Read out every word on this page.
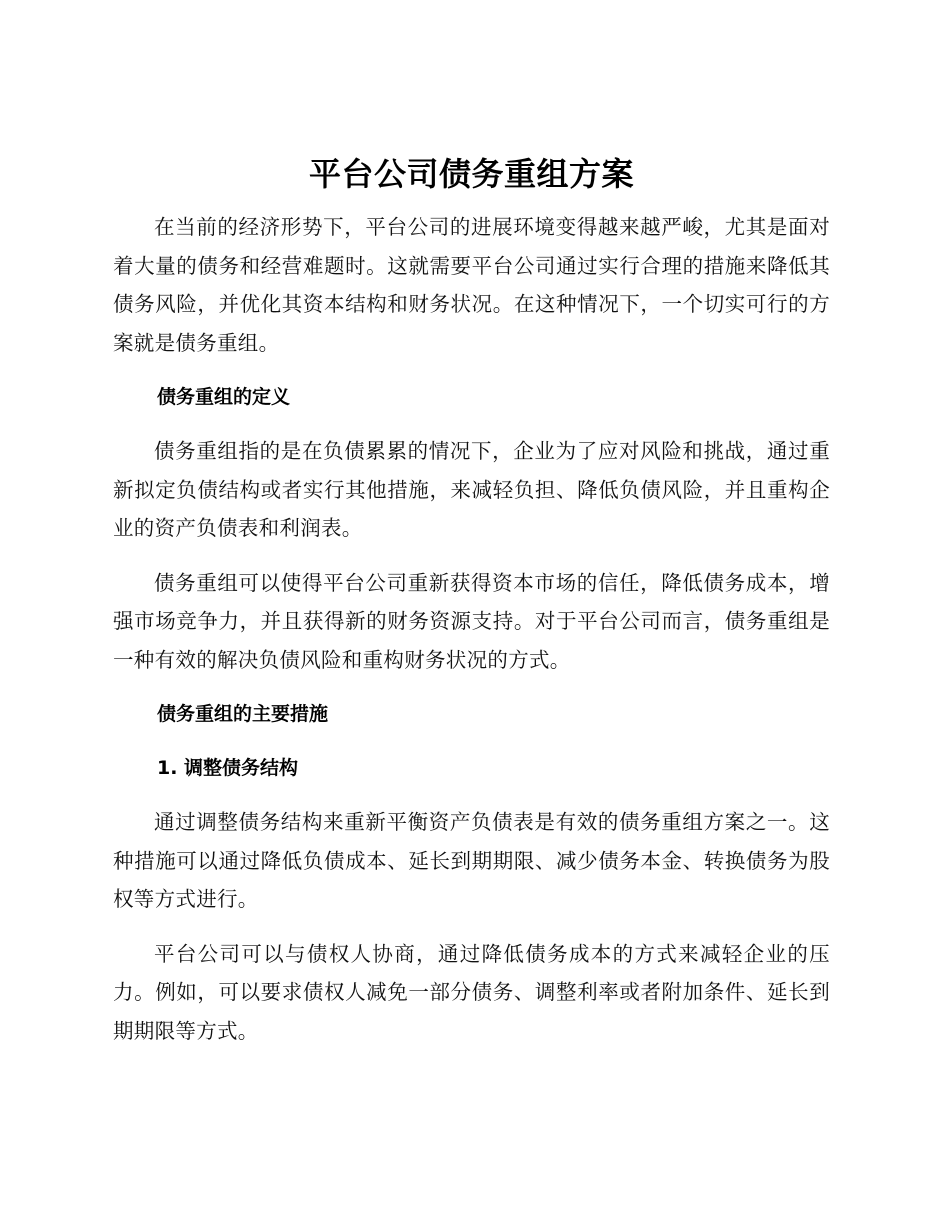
平台公司债务重组方案

在当前的经济形势下，平台公司的进展环境变得越来越严峻，尤其是面对着大量的债务和经营难题时。这就需要平台公司通过实行合理的措施来降低其债务风险，并优化其资本结构和财务状况。在这种情况下，一个切实可行的方案就是债务重组。

债务重组的定义

债务重组指的是在负债累累的情况下，企业为了应对风险和挑战，通过重新拟定负债结构或者实行其他措施，来减轻负担、降低负债风险，并且重构企业的资产负债表和利润表。

债务重组可以使得平台公司重新获得资本市场的信任，降低债务成本，增强市场竞争力，并且获得新的财务资源支持。对于平台公司而言，债务重组是一种有效的解决负债风险和重构财务状况的方式。

债务重组的主要措施
1. 调整债务结构

通过调整债务结构来重新平衡资产负债表是有效的债务重组方案之一。这种措施可以通过降低负债成本、延长到期期限、减少债务本金、转换债务为股权等方式进行。

平台公司可以与债权人协商，通过降低债务成本的方式来减轻企业的压力。例如，可以要求债权人减免一部分债务、调整利率或者附加条件、延长到期期限等方式。
